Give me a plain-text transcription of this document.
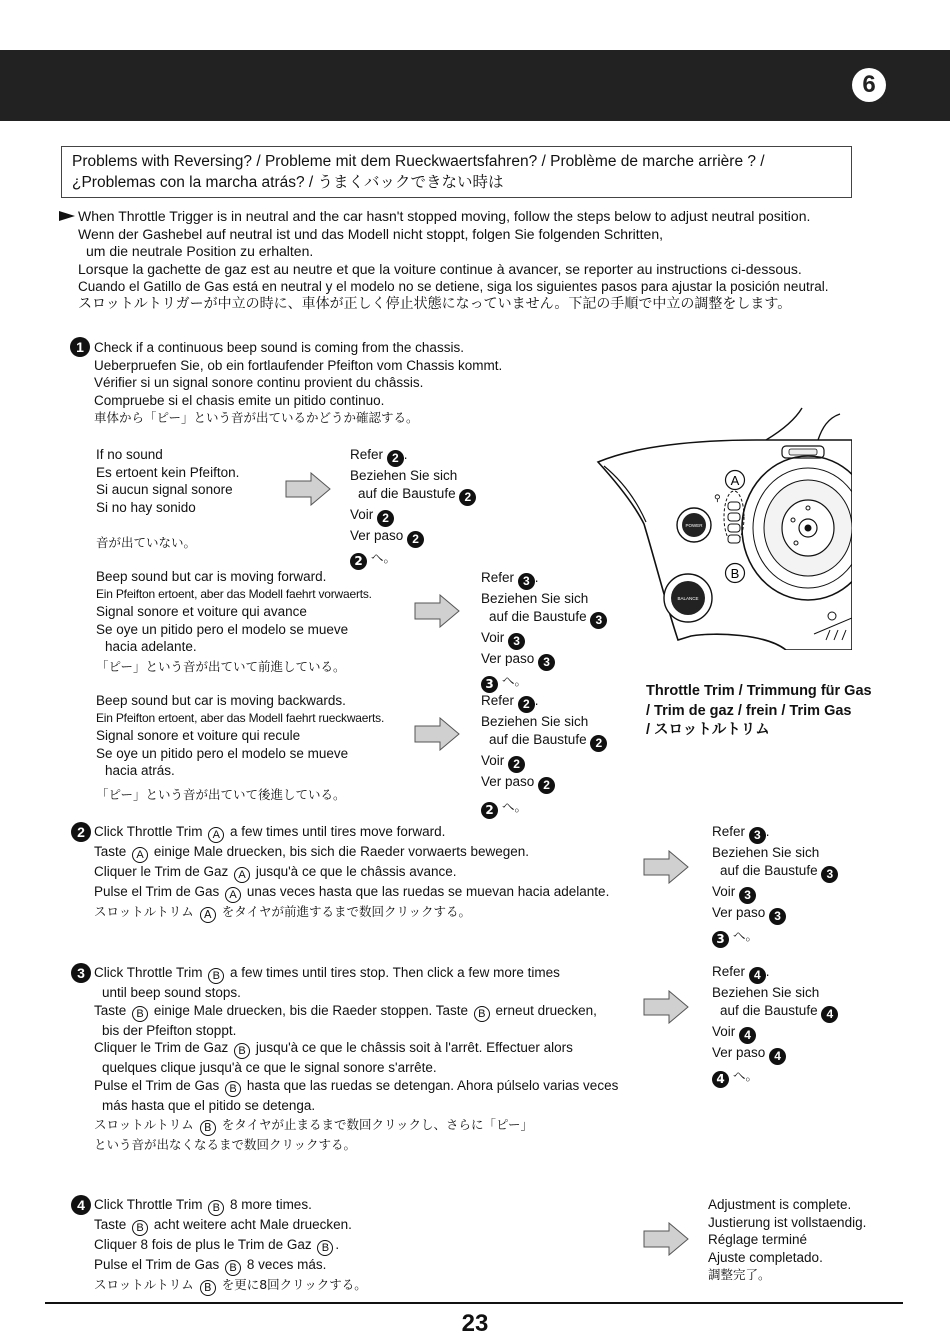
6
Problems with Reversing? / Probleme mit dem Rueckwaertsfahren? / Problème de marche arrière ? /
¿Problemas con la marcha atrás? / うまくバックできない時は
When Throttle Trigger is in neutral and the car hasn't stopped moving, follow the steps below to adjust neutral position.
Wenn der Gashebel auf neutral ist und das Modell nicht stoppt, folgen Sie folgenden Schritten,
um die neutrale Position zu erhalten.
Lorsque la gachette de gaz est au neutre et que la voiture continue à avancer, se reporter au instructions ci-dessous.
Cuando el Gatillo de Gas está en neutral y el modelo no se detiene, siga los siguientes pasos para ajustar la posición neutral.
スロットルトリガーが中立の時に、車体が正しく停止状態になっていません。下記の手順で中立の調整をします。
1 Check if a continuous beep sound is coming from the chassis.
Ueberpruefen Sie, ob ein fortlaufender Pfeifton vom Chassis kommt.
Vérifier si un signal sonore continu provient du châssis.
Compruebe si el chasis emite un pitido continuo.
車体から「ピー」という音が出ているかどうか確認する。
If no sound
Es ertoent kein Pfeifton.
Si aucun signal sonore
Si no hay sonido
音が出ていない。
Refer 2 .
Beziehen Sie sich
auf die Baustufe 2
Voir 2
Ver paso 2
2 へ。
Beep sound but car is moving forward.
Ein Pfeifton ertoent, aber das Modell faehrt vorwaerts.
Signal sonore et voiture qui avance
Se oye un pitido pero el modelo se mueve
hacia adelante.
「ピー」という音が出ていて前進している。
Refer 3 .
Beziehen Sie sich
auf die Baustufe 3
Voir 3
Ver paso 3
3 へ。
Beep sound but car is moving backwards.
Ein Pfeifton ertoent, aber das Modell faehrt rueckwaerts.
Signal sonore et voiture qui recule
Se oye un pitido pero el modelo se mueve
hacia atrás.
「ピー」という音が出ていて後進している。
Refer 2 .
Beziehen Sie sich
auf die Baustufe 2
Voir 2
Ver paso 2
2 へ。
POWER
BALANCE
⚲
A
B
Throttle Trim / Trimmung für Gas
/ Trim de gaz / frein / Trim Gas
/ スロットルトリム
2 Click Throttle Trim A a few times until tires move forward.
Taste A einige Male druecken, bis sich die Raeder vorwaerts bewegen.
Cliquer le Trim de Gaz A jusqu'à ce que le châssis avance.
Pulse el Trim de Gas A unas veces hasta que las ruedas se muevan hacia adelante.
スロットルトリム A をタイヤが前進するまで数回クリックする。
Refer 3 .
Beziehen Sie sich
auf die Baustufe 3
Voir 3
Ver paso 3
3 へ。
3 Click Throttle Trim B a few times until tires stop. Then click a few more times
until beep sound stops.
Taste B einige Male druecken, bis die Raeder stoppen. Taste B erneut druecken,
bis der Pfeifton stoppt.
Cliquer le Trim de Gaz B jusqu'à ce que le châssis soit à l'arrêt. Effectuer alors
quelques clique jusqu'à ce que le signal sonore s'arrête.
Pulse el Trim de Gas B hasta que las ruedas se detengan. Ahora púlselo varias veces
más hasta que el pitido se detenga.
スロットルトリム B をタイヤが止まるまで数回クリックし、さらに「ピー」
という音が出なくなるまで数回クリックする。
Refer 4 .
Beziehen Sie sich
auf die Baustufe 4
Voir 4
Ver paso 4
4 へ。
4 Click Throttle Trim B 8 more times.
Taste B acht weitere acht Male druecken.
Cliquer 8 fois de plus le Trim de Gaz B .
Pulse el Trim de Gas B 8 veces más.
スロットルトリム B を更に8回クリックする。
Adjustment is complete.
Justierung ist vollstaendig.
Réglage terminé
Ajuste completado.
調整完了。
23
